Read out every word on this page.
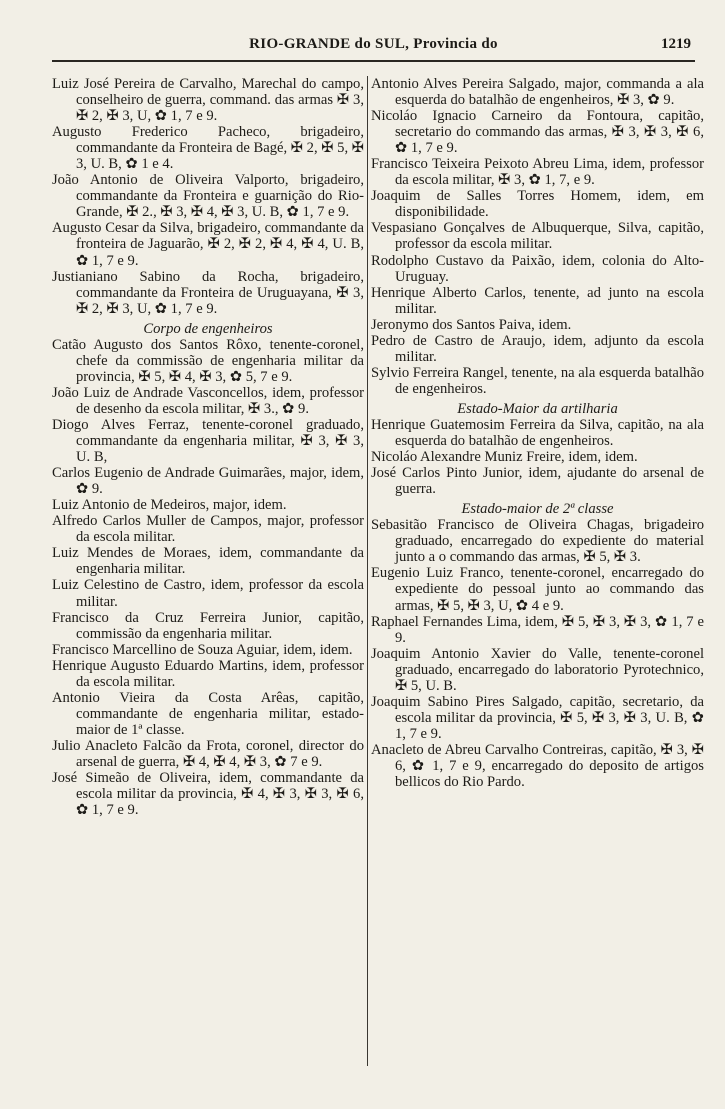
RIO-GRANDE do SUL, Provincia do	1219
Luiz José Pereira de Carvalho, Marechal do campo, conselheiro de guerra, command. das armas ✠ 3, ✠ 2, ✠ 3, U, ✿ 1, 7 e 9.
Augusto Frederico Pacheco, brigadeiro, commandante da Fronteira de Bagé, ✠ 2, ✠ 5, ✠ 3, U. B, ✿ 1 e 4.
João Antonio de Oliveira Valporto, brigadeiro, commandante da Fronteira e guarnição do Rio-Grande, ✠ 2., ✠ 3, ✠ 4, ✠ 3, U. B, ✿ 1, 7 e 9.
Augusto Cesar da Silva, brigadeiro, commandante da fronteira de Jaguarão, ✠ 2, ✠ 2, ✠ 4, ✠ 4, U. B, ✿ 1, 7 e 9.
Justianiano Sabino da Rocha, brigadeiro, commandante da Fronteira de Uruguayana, ✠ 3, ✠ 2, ✠ 3, U, ✿ 1, 7 e 9.
Corpo de engenheiros
Catão Augusto dos Santos Rôxo, tenente-coronel, chefe da commissão de engenharia militar da provincia, ✠ 5, ✠ 4, ✠ 3, ✿ 5, 7 e 9.
João Luiz de Andrade Vasconcellos, idem, professor de desenho da escola militar, ✠ 3., ✿ 9.
Diogo Alves Ferraz, tenente-coronel graduado, commandante da engenharia militar, ✠ 3, ✠ 3, U. B,
Carlos Eugenio de Andrade Guimarães, major, idem, ✿ 9.
Luiz Antonio de Medeiros, major, idem.
Alfredo Carlos Muller de Campos, major, professor da escola militar.
Luiz Mendes de Moraes, idem, commandante da engenharia militar.
Luiz Celestino de Castro, idem, professor da escola militar.
Francisco da Cruz Ferreira Junior, capitão, commissão da engenharia militar.
Francisco Marcellino de Souza Aguiar, idem, idem.
Henrique Augusto Eduardo Martins, idem, professor da escola militar.
Antonio Vieira da Costa Arêas, capitão, commandante de engenharia militar, estado-maior de 1ª classe.
Julio Anacleto Falcão da Frota, coronel, director do arsenal de guerra, ✠ 4, ✠ 4, ✠ 3, ✿ 7 e 9.
José Simeão de Oliveira, idem, commandante da escola militar da provincia, ✠ 4, ✠ 3, ✠ 3, ✠ 6, ✿ 1, 7 e 9.
Antonio Alves Pereira Salgado, major, commanda a ala esquerda do batalhão de engenheiros, ✠ 3, ✿ 9.
Nicoláo Ignacio Carneiro da Fontoura, capitão, secretario do commando das armas, ✠ 3, ✠ 3, ✠ 6, ✿ 1, 7 e 9.
Francisco Teixeira Peixoto Abreu Lima, idem, professor da escola militar, ✠ 3, ✿ 1, 7, e 9.
Joaquim de Salles Torres Homem, idem, em disponibilidade.
Vespasiano Gonçalves de Albuquerque, Silva, capitão, professor da escola militar.
Rodolpho Custavo da Paixão, idem, colonia do Alto-Uruguay.
Henrique Alberto Carlos, tenente, ad junto na escola militar.
Jeronymo dos Santos Paiva, idem.
Pedro de Castro de Araujo, idem, adjunto da escola militar.
Sylvio Ferreira Rangel, tenente, na ala esquerda batalhão de engenheiros.
Estado-Maior da artilharia
Henrique Guatemosim Ferreira da Silva, capitão, na ala esquerda do batalhão de engenheiros.
Nicoláo Alexandre Muniz Freire, idem, idem.
José Carlos Pinto Junior, idem, ajudante do arsenal de guerra.
Estado-maior de 2ª classe
Sebasitão Francisco de Oliveira Chagas, brigadeiro graduado, encarregado do expediente do material junto a o commando das armas, ✠ 5, ✠ 3.
Eugenio Luiz Franco, tenente-coronel, encarregado do expediente do pessoal junto ao commando das armas, ✠ 5, ✠ 3, U, ✿ 4 e 9.
Raphael Fernandes Lima, idem, ✠ 5, ✠ 3, ✠ 3, ✿ 1, 7 e 9.
Joaquim Antonio Xavier do Valle, tenente-coronel graduado, encarregado do laboratorio Pyrotechnico, ✠ 5, U. B.
Joaquim Sabino Pires Salgado, capitão, secretario, da escola militar da provincia, ✠ 5, ✠ 3, ✠ 3, U. B, ✿ 1, 7 e 9.
Anacleto de Abreu Carvalho Contreiras, capitão, ✠ 3, ✠ 6, ✿ 1, 7 e 9, encarregado do deposito de artigos bellicos do Rio Pardo.
